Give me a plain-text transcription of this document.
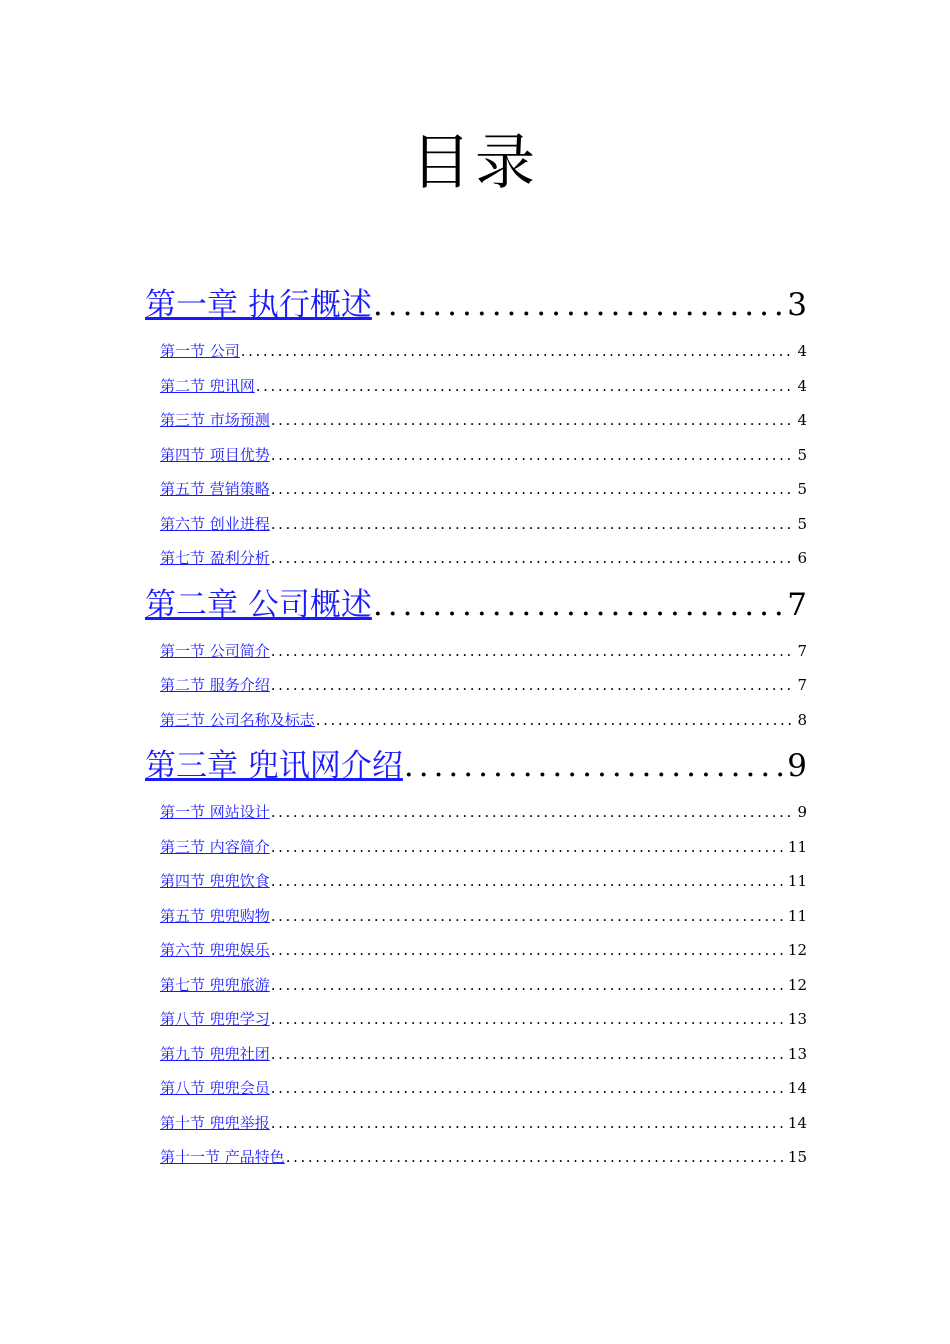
目录
第一章 执行概述 .....	3
第一节 公司 .....	4
第二节 兜讯网 .....	4
第三节 市场预测 .....	4
第四节 项目优势 .....	5
第五节 营销策略 .....	5
第六节 创业进程 .....	5
第七节 盈利分析 .....	6
第二章 公司概述 .....	7
第一节 公司简介 .....	7
第二节 服务介绍 .....	7
第三节 公司名称及标志 .....	8
第三章 兜讯网介绍 .....	9
第一节 网站设计 .....	9
第三节 内容简介 .....	11
第四节 兜兜饮食 .....	11
第五节 兜兜购物 .....	11
第六节 兜兜娱乐 .....	12
第七节 兜兜旅游 .....	12
第八节 兜兜学习 .....	13
第九节 兜兜社团 .....	13
第八节 兜兜会员 .....	14
第十节 兜兜举报 .....	14
第十一节 产品特色 .....	15
